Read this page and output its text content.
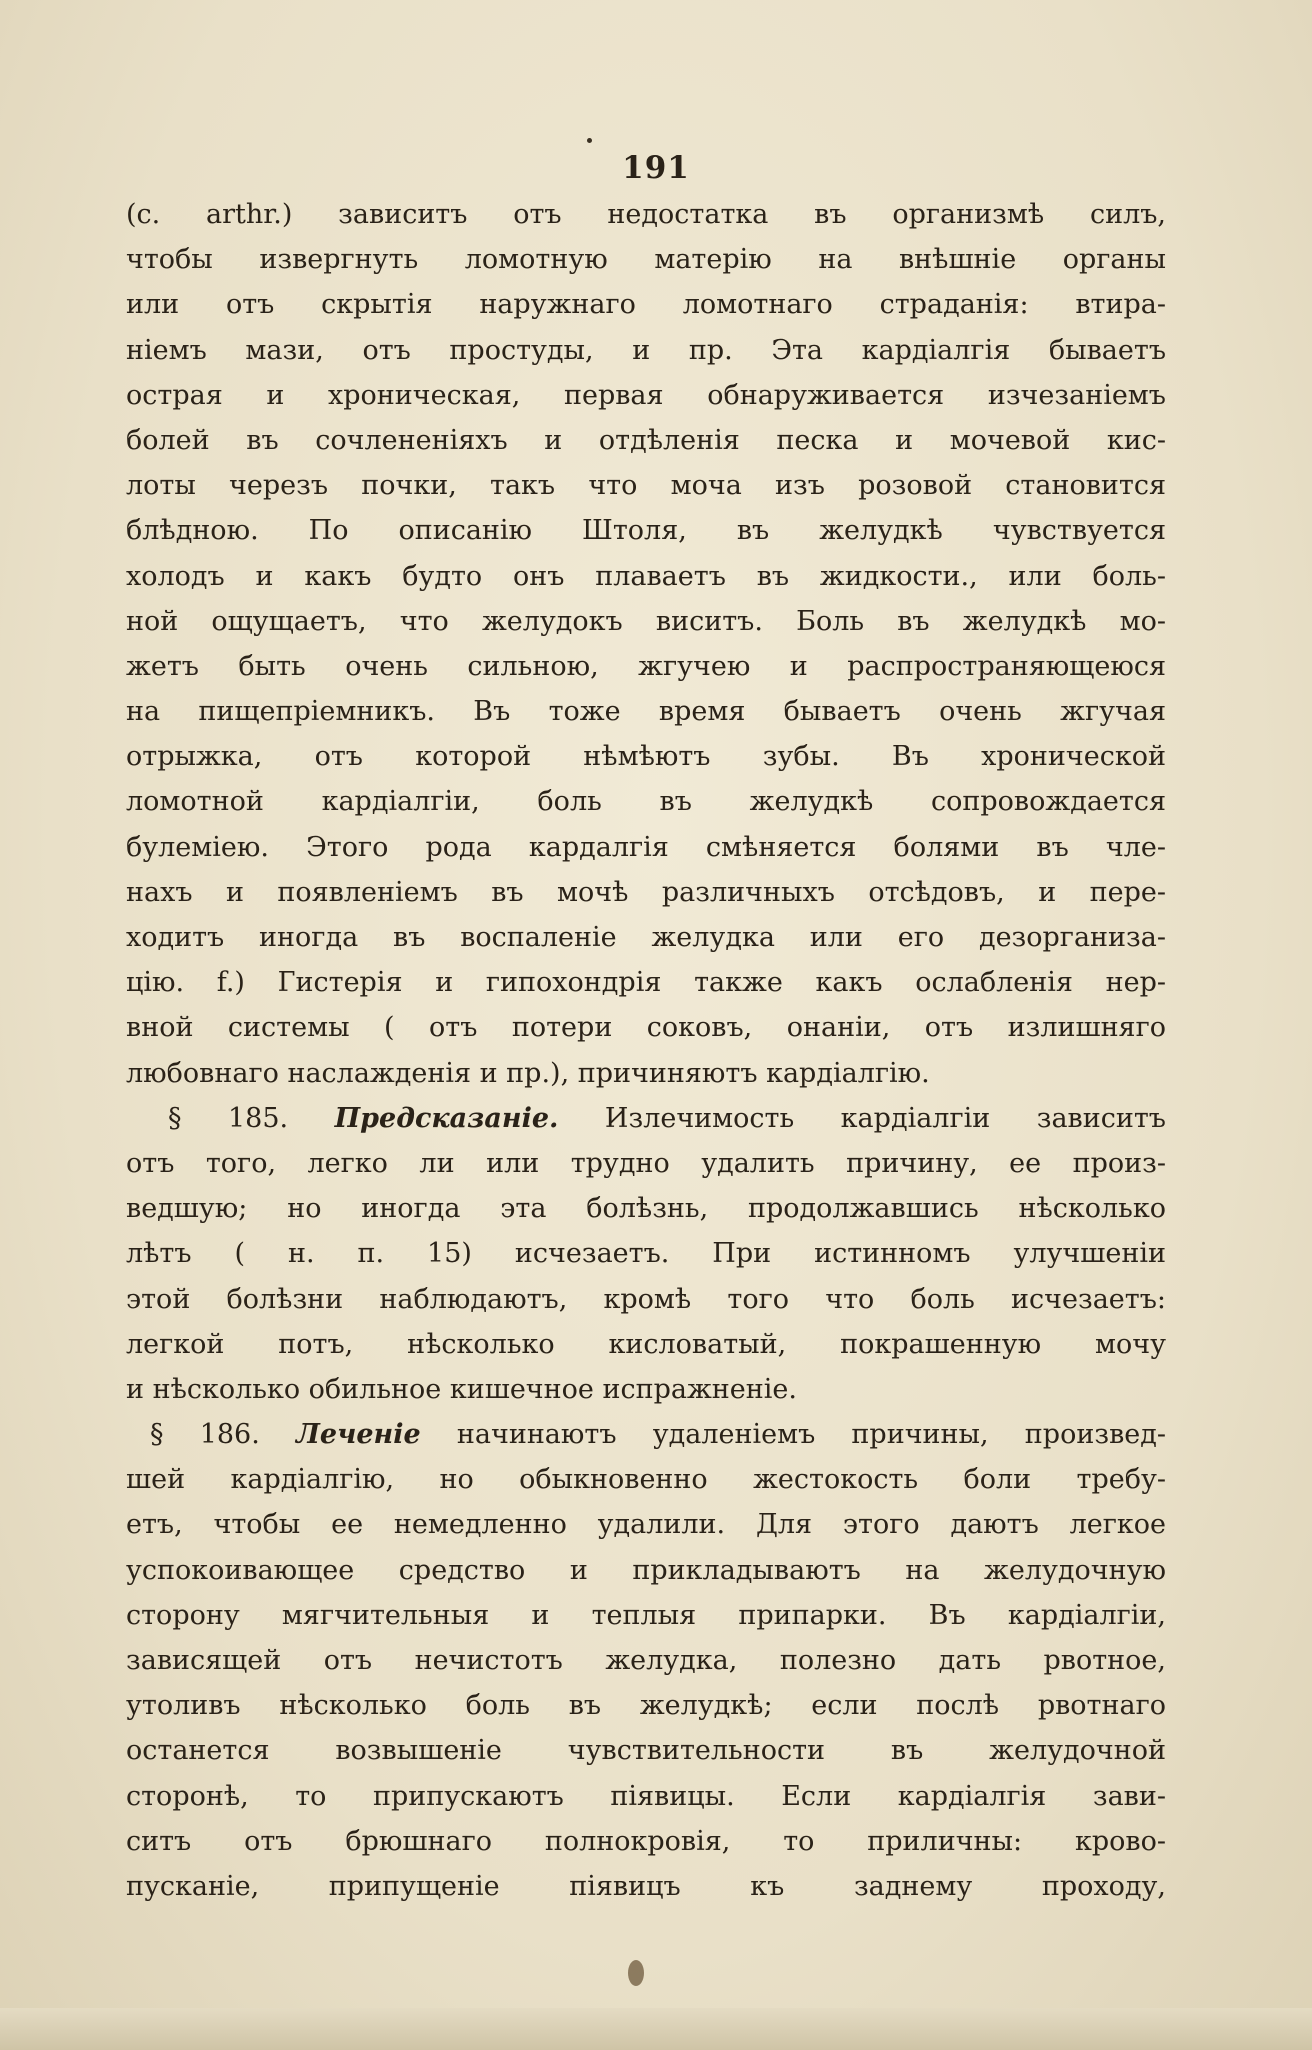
191
(c. arthr.) зависитъ отъ недостатка въ организмѣ силъ,
чтобы извергнуть ломотную матерію на внѣшніе органы
или отъ скрытія наружнаго ломотнаго страданія: втира-
ніемъ мази, отъ простуды, и пр. Эта кардіалгія бываетъ
острая и хроническая, первая обнаруживается изчезаніемъ
болей въ сочлененіяхъ и отдѣленія песка и мочевой кис-
лоты черезъ почки, такъ что моча изъ розовой становится
блѣдною. По описанію Штоля, въ желудкѣ чувствуется
холодъ и какъ будто онъ плаваетъ въ жидкости., или боль-
ной ощущаетъ, что желудокъ виситъ. Боль въ желудкѣ мо-
жетъ быть очень сильною, жгучею и распространяющеюся
на пищепріемникъ. Въ тоже время бываетъ очень жгучая
отрыжка, отъ которой нѣмѣютъ зубы. Въ хронической
ломотной кардіалгіи, боль въ желудкѣ сопровождается
булеміею. Этого рода кардалгія смѣняется болями въ чле-
нахъ и появленіемъ въ мочѣ различныхъ отсѣдовъ, и пере-
ходитъ иногда въ воспаленіе желудка или его дезорганиза-
цію. f.) Гистерія и гипохондрія также какъ ослабленія нер-
вной системы ( отъ потери соковъ, онаніи, отъ излишняго
любовнаго наслажденія и пр.), причиняютъ кардіалгію.
§ 185. Предсказаніе. Излечимость кардіалгіи зависитъ
отъ того, легко ли или трудно удалить причину, ее произ-
ведшую; но иногда эта болѣзнь, продолжавшись нѣсколько
лѣтъ ( н. п. 15) исчезаетъ. При истинномъ улучшеніи
этой болѣзни наблюдаютъ, кромѣ того что боль исчезаетъ:
легкой потъ, нѣсколько кисловатый, покрашенную мочу
и нѣсколько обильное кишечное испражненіе.
§ 186. Леченіе начинаютъ удаленіемъ причины, произвед-
шей кардіалгію, но обыкновенно жестокость боли требу-
етъ, чтобы ее немедленно удалили. Для этого даютъ легкое
успокоивающее средство и прикладываютъ на желудочную
сторону мягчительныя и теплыя припарки. Въ кардіалгіи,
зависящей отъ нечистотъ желудка, полезно дать рвотное,
утоливъ нѣсколько боль въ желудкѣ; если послѣ рвотнаго
останется возвышеніе чувствительности въ желудочной
сторонѣ, то припускаютъ піявицы. Если кардіалгія зави-
ситъ отъ брюшнаго полнокровія, то приличны: крово-
пусканіе, припущеніе піявицъ къ заднему проходу,
